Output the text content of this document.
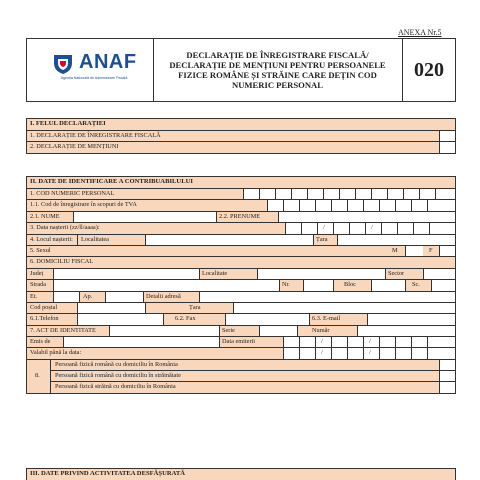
ANEXA Nr.5
ANAF
Agenția Națională de Administrare Fiscală
DECLARAȚIE DE ÎNREGISTRARE FISCALĂ/ DECLARAȚIE DE MENȚIUNI PENTRU PERSOANELE FIZICE ROMÂNE ȘI STRĂINE CARE DEȚIN COD NUMERIC PERSONAL
020
I. FELUL DECLARAȚIEI
1. DECLARAȚIE DE ÎNREGISTRARE FISCALĂ
2. DECLARAȚIE DE MENȚIUNI
II. DATE DE IDENTIFICARE A CONTRIBUABILULUI
1. COD NUMERIC PERSONAL
1.1. Cod de înregistrare în scopuri de TVA
2.1. NUME	2.2. PRENUME
3. Data nașterii (zz/ll/aaaa):	/	/
4. Locul nașterii: Localitatea	Țara
5. Sexul	M	F
6. DOMICILIU FISCAL
Județ	Localitate	Sector
Strada	Nr.	Bloc	Sc.
Et.	Ap.	Detalii adresă
Cod poștal	Țara
6.1.Telefon	6.2. Fax	6.3. E-mail
7. ACT DE IDENTITATE	Serie	Număr
Emis de	Data emiterii	/	/
Valabil până la data:	/	/
8.
Persoană fizică română cu domiciliu în România
Persoană fizică română cu domiciliu în străinătate
Persoană fizică străină cu domiciliu în România
III. DATE PRIVIND ACTIVITATEA DESFĂȘURATĂ
